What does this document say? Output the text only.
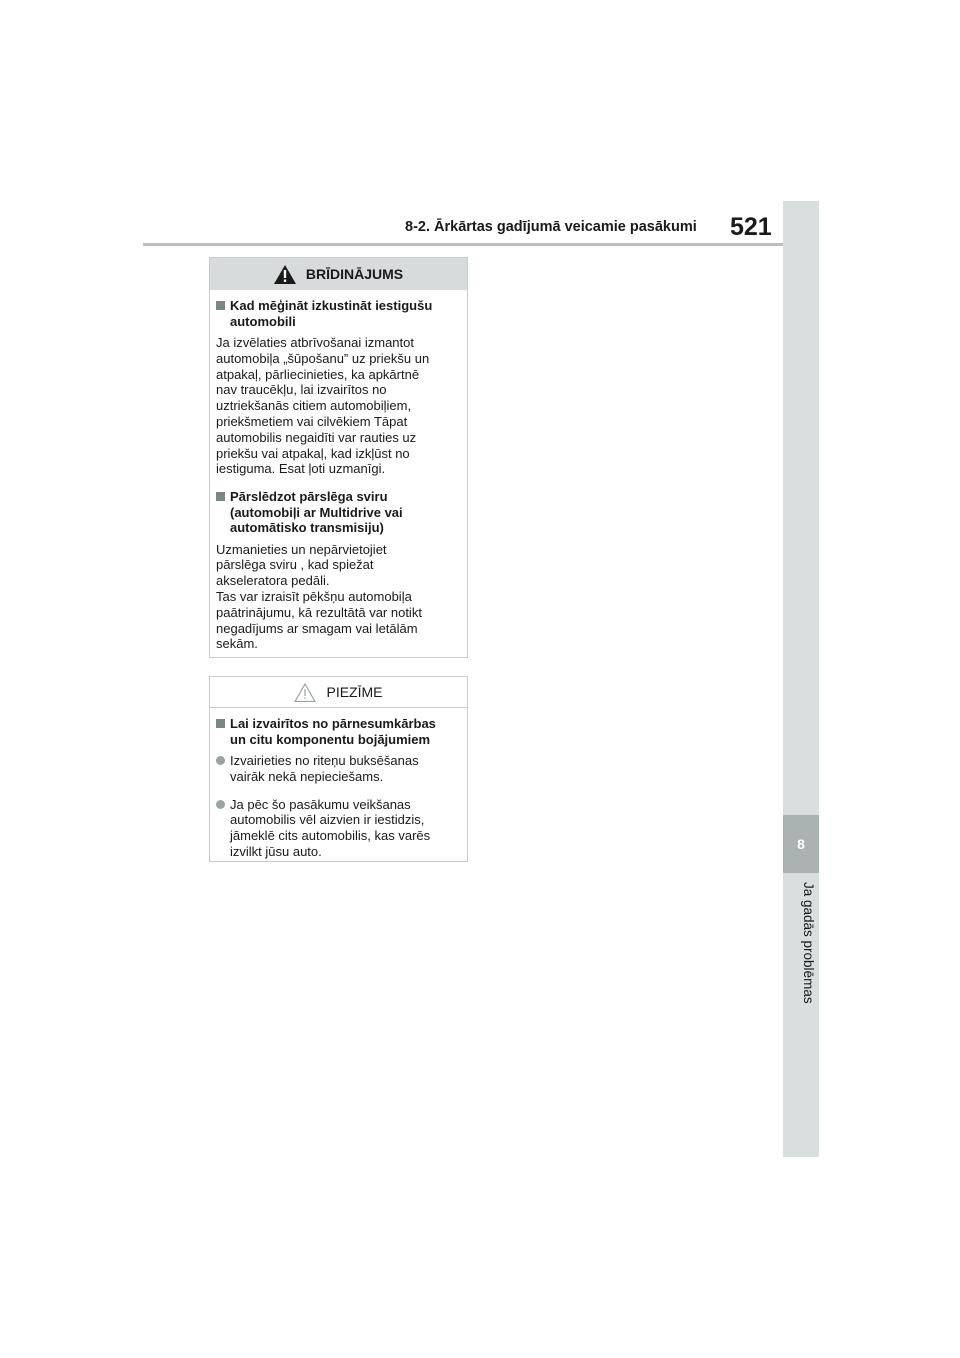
8-2. Ārkārtas gadījumā veicamie pasākumi 521
8
Ja gadās problēmas
BRĪDINĀJUMS
Kad mēģināt izkustināt iestigušu
automobili

Ja izvēlaties atbrīvošanai izmantot
automobiļa „šūpošanu” uz priekšu un
atpakaļ, pārliecinieties, ka apkārtnē
nav traucēkļu, lai izvairītos no
uztriekšanās citiem automobiļiem,
priekšmetiem vai cilvēkiem Tāpat
automobilis negaidīti var rauties uz
priekšu vai atpakaļ, kad izkļūst no
iestiguma. Esat ļoti uzmanīgi.

Pārslēdzot pārslēga sviru
(automobiļi ar Multidrive vai
automātisko transmisiju)

Uzmanieties un nepārvietojiet
pārslēga sviru , kad spiežat
akseleratora pedāli.
Tas var izraisīt pēkšņu automobiļa
paātrinājumu, kā rezultātā var notikt
negadījums ar smagam vai letālām
sekām.

PIEZĪME
Lai izvairītos no pārnesumkārbas
un citu komponentu bojājumiem
Izvairieties no riteņu buksēšanas
vairāk nekā nepieciešams.
Ja pēc šo pasākumu veikšanas
automobilis vēl aizvien ir iestidzis,
jāmeklē cits automobilis, kas varēs
izvilkt jūsu auto.
